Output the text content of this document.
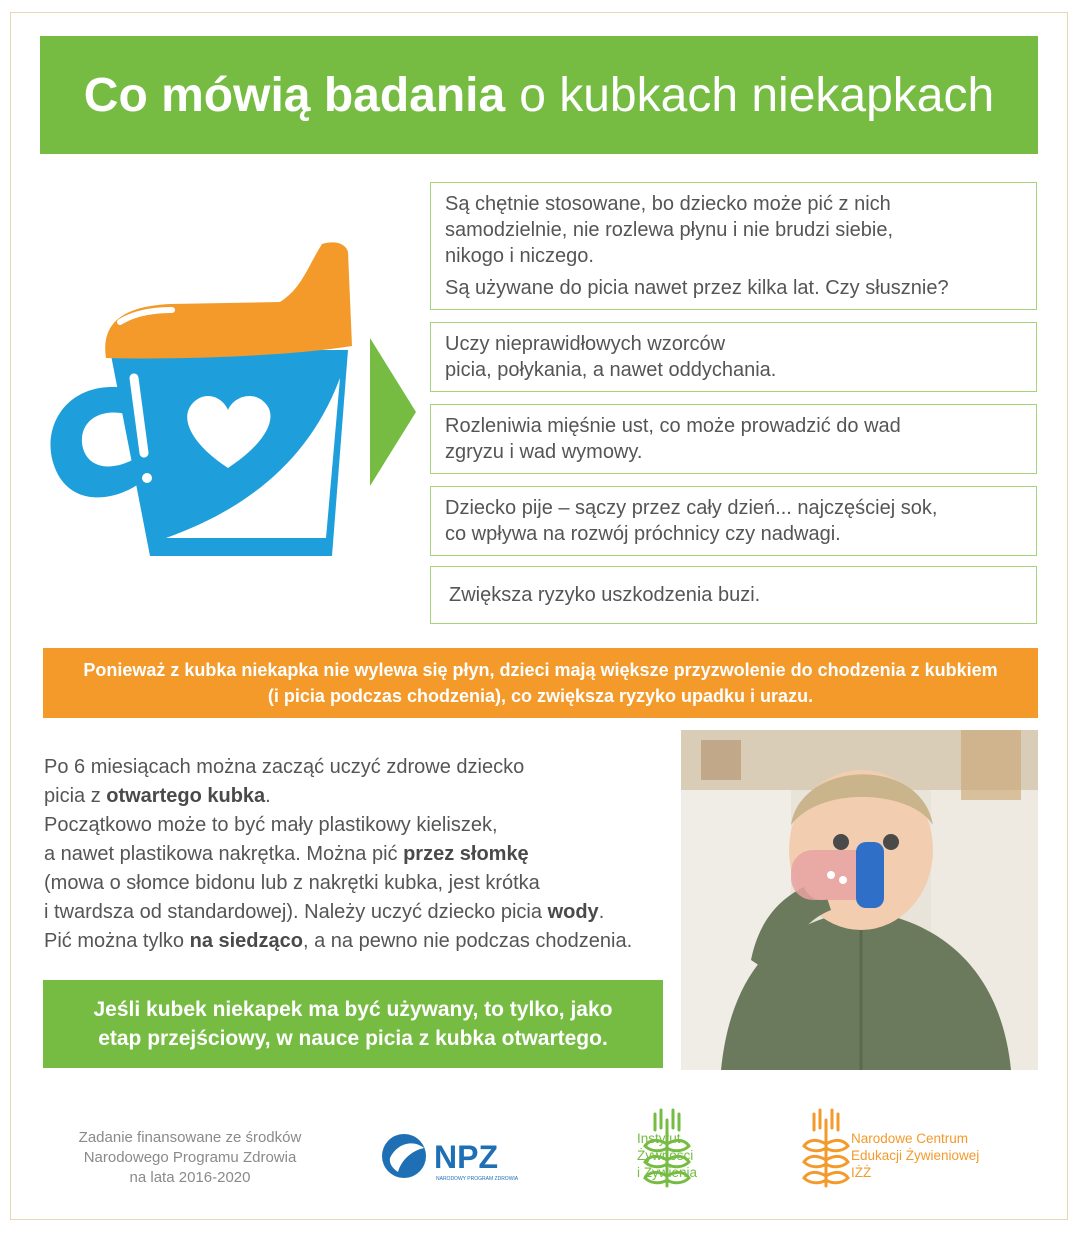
Co mówią badania o kubkach niekapkach

Są chętnie stosowane, bo dziecko może pić z nich

samodzielnie, nie rozlewa płynu i nie brudzi siebie,

nikogo i niczego.

Są używane do picia nawet przez kilka lat. Czy słusznie?

Uczy nieprawidłowych wzorców

picia, połykania, a nawet oddychania.

Rozleniwia mięśnie ust, co może prowadzić do wad

zgryzu i wad wymowy.

Dziecko pije – sączy przez cały dzień... najczęściej sok,

co wpływa na rozwój próchnicy czy nadwagi.

Zwiększa ryzyko uszkodzenia buzi.

Ponieważ z kubka niekapka nie wylewa się płyn, dzieci mają większe przyzwolenie do chodzenia z kubkiem

(i picia podczas chodzenia), co zwiększa ryzyko upadku i urazu.

Po 6 miesiącach można zacząć uczyć zdrowe dziecko

picia z otwartego kubka.

Początkowo może to być mały plastikowy kieliszek,

a nawet plastikowa nakrętka. Można pić przez słomkę

(mowa o słomce bidonu lub z nakrętki kubka, jest krótka

i twardsza od standardowej). Należy uczyć dziecko picia wody.

Pić można tylko na siedząco, a na pewno nie podczas chodzenia.

Jeśli kubek niekapek ma być używany, to tylko, jako

etap przejściowy, w nauce picia z kubka otwartego.

Zadanie finansowane ze środków

Narodowego Programu Zdrowia

na lata 2016-2020

NPZ
NARODOWY PROGRAM ZDROWIA

Instytut

Żywności

i Żywienia

Narodowe Centrum

Edukacji Żywieniowej

IŻŻ
